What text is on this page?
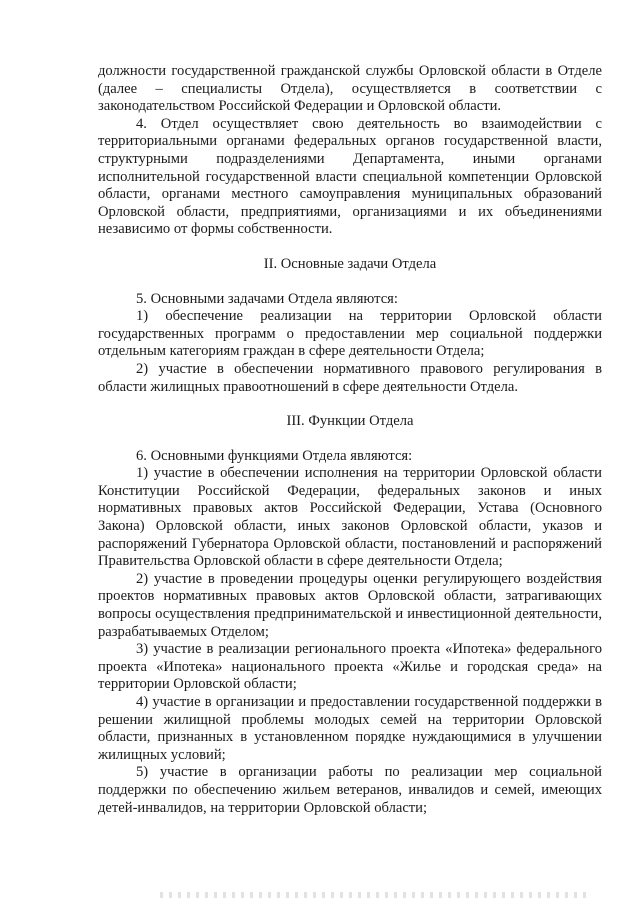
должности государственной гражданской службы Орловской области в Отделе (далее – специалисты Отдела), осуществляется в соответствии с законодательством Российской Федерации и Орловской области.

4. Отдел осуществляет свою деятельность во взаимодействии с территориальными органами федеральных органов государственной власти, структурными подразделениями Департамента, иными органами исполнительной государственной власти специальной компетенции Орловской области, органами местного самоуправления муниципальных образований Орловской области, предприятиями, организациями и их объединениями независимо от формы собственности.

II. Основные задачи Отдела

5. Основными задачами Отдела являются:

1) обеспечение реализации на территории Орловской области государственных программ о предоставлении мер социальной поддержки отдельным категориям граждан в сфере деятельности Отдела;

2) участие в обеспечении нормативного правового регулирования в области жилищных правоотношений в сфере деятельности Отдела.

III. Функции Отдела

6. Основными функциями Отдела являются:

1) участие в обеспечении исполнения на территории Орловской области Конституции Российской Федерации, федеральных законов и иных нормативных правовых актов Российской Федерации, Устава (Основного Закона) Орловской области, иных законов Орловской области, указов и распоряжений Губернатора Орловской области, постановлений и распоряжений Правительства Орловской области в сфере деятельности Отдела;

2) участие в проведении процедуры оценки регулирующего воздействия проектов нормативных правовых актов Орловской области, затрагивающих вопросы осуществления предпринимательской и инвестиционной деятельности, разрабатываемых Отделом;

3) участие в реализации регионального проекта «Ипотека» федерального проекта «Ипотека» национального проекта «Жилье и городская среда» на территории Орловской области;

4) участие в организации и предоставлении государственной поддержки в решении жилищной проблемы молодых семей на территории Орловской области, признанных в установленном порядке нуждающимися в улучшении жилищных условий;

5) участие в организации работы по реализации мер социальной поддержки по обеспечению жильем ветеранов, инвалидов и семей, имеющих детей-инвалидов, на территории Орловской области;
